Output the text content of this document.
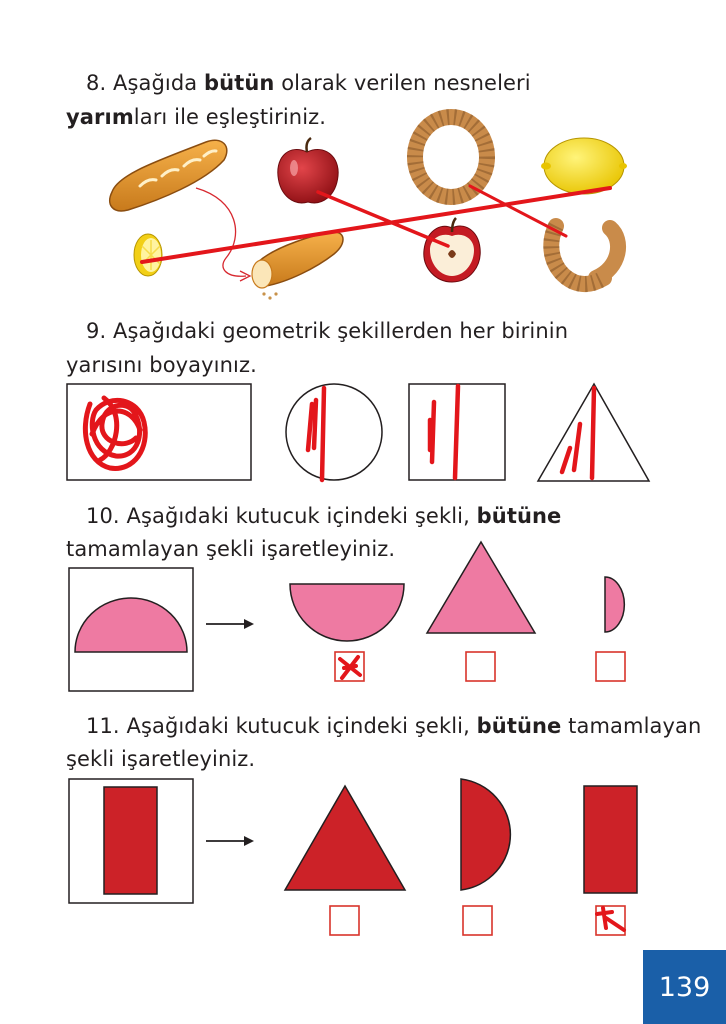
8. Aşağıda bütün olarak verilen nesneleri

yarımları ile eşleştiriniz.

9. Aşağıdaki geometrik şekillerden her birinin

yarısını boyayınız.

10. Aşağıdaki kutucuk içindeki şekli, bütüne

tamamlayan şekli işaretleyiniz.

11. Aşağıdaki kutucuk içindeki şekli, bütüne tamamlayan

şekli işaretleyiniz.

139
